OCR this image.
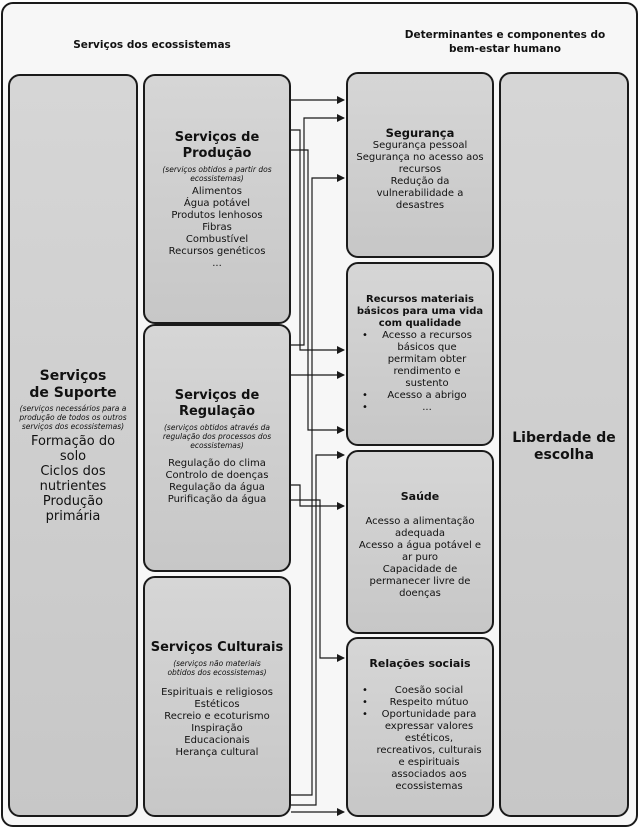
Serviços dos ecossistemas
Determinantes e componentes do
bem-estar humano
Serviços
de Suporte
(serviços necessários para a produção de todos os outros serviços dos ecossistemas)
Formação do
solo
Ciclos dos
nutrientes
Produção
primária
Serviços de
Produção
(serviços obtidos a partir dos ecossistemas)
Alimentos
Água potável
Produtos lenhosos
Fibras
Combustível
Recursos genéticos
...
Serviços de
Regulação
(serviços obtidos através da regulação dos processos dos ecossistemas)
Regulação do clima
Controlo de doenças
Regulação da água
Purificação da água
Serviços Culturais
(serviços não materiais obtidos dos ecossistemas)
Espirituais e religiosos
Estéticos
Recreio e ecoturismo
Inspiração
Educacionais
Herança cultural
Segurança
Segurança pessoal
Segurança no acesso aos
recursos
Redução da
vulnerabilidade a
desastres
Recursos materiais
básicos para uma vida
com qualidade
• Acesso a recursos básicos que permitam obter rendimento e sustento
• Acesso a abrigo
• ...
Saúde
Acesso a alimentação
adequada
Acesso a água potável e
ar puro
Capacidade de
permanecer livre de
doenças
Relações sociais
• Coesão social
• Respeito mútuo
• Oportunidade para expressar valores estéticos, recreativos, culturais e espirituais associados aos ecossistemas
Liberdade de
escolha
